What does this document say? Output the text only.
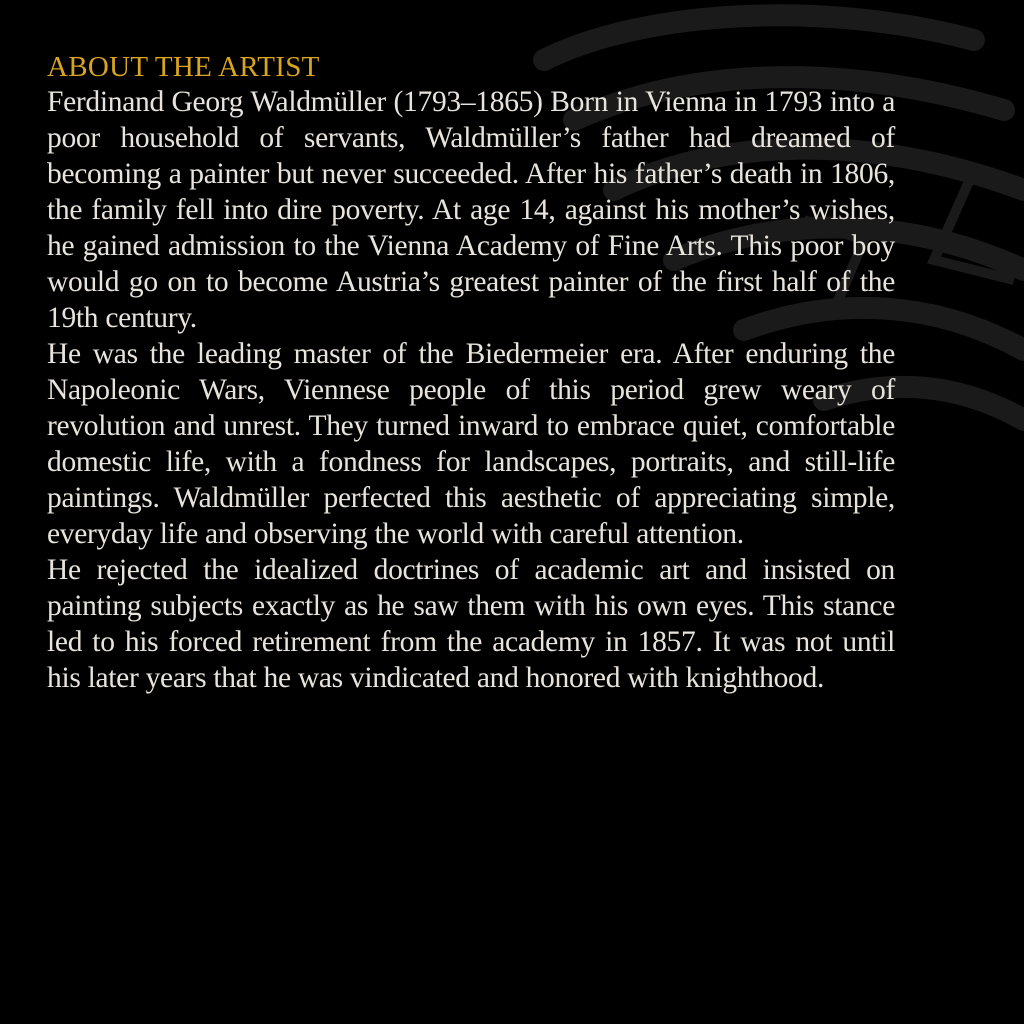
ABOUT THE ARTIST

Ferdinand Georg Waldmüller (1793–1865) Born in Vienna in 1793 into a poor household of servants, Waldmüller’s father had dreamed of becoming a painter but never succeeded. After his father’s death in 1806, the family fell into dire poverty. At age 14, against his mother’s wishes, he gained admission to the Vienna Academy of Fine Arts. This poor boy would go on to become Austria’s greatest painter of the first half of the 19th century.

He was the leading master of the Biedermeier era. After enduring the Napoleonic Wars, Viennese people of this period grew weary of revolution and unrest. They turned inward to embrace quiet, comfortable domestic life, with a fondness for landscapes, portraits, and still-life paintings. Waldmüller perfected this aesthetic of appreciating simple, everyday life and observing the world with careful attention.

He rejected the idealized doctrines of academic art and insisted on painting subjects exactly as he saw them with his own eyes. This stance led to his forced retirement from the academy in 1857. It was not until his later years that he was vindicated and honored with knighthood.
